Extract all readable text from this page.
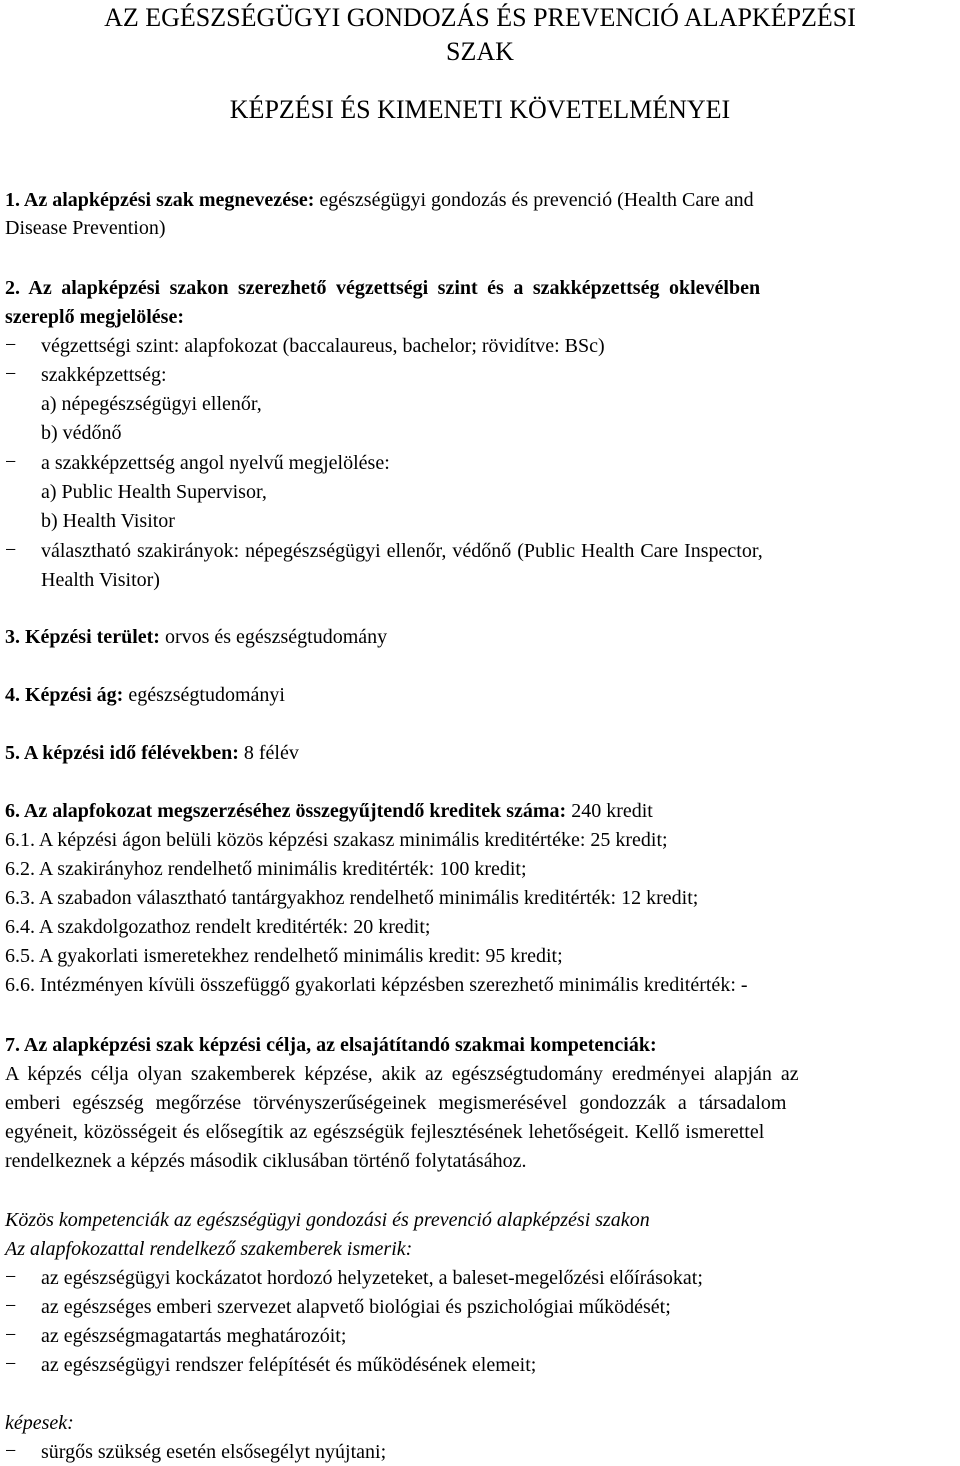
AZ EGÉSZSÉGÜGYI GONDOZÁS ÉS PREVENCIÓ ALAPKÉPZÉSI
SZAK
KÉPZÉSI ÉS KIMENETI KÖVETELMÉNYEI
1. Az alapképzési szak megnevezése: egészségügyi gondozás és prevenció (Health Care and
Disease Prevention)
2. Az alapképzési szakon szerezhető végzettségi szint és a szakképzettség oklevélben
szereplő megjelölése:
− végzettségi szint: alapfokozat (baccalaureus, bachelor; rövidítve: BSc)
− szakképzettség:
a) népegészségügyi ellenőr,
b) védőnő
− a szakképzettség angol nyelvű megjelölése:
a) Public Health Supervisor,
b) Health Visitor
− választható szakirányok: népegészségügyi ellenőr, védőnő (Public Health Care Inspector,
Health Visitor)
3. Képzési terület: orvos és egészségtudomány
4. Képzési ág: egészségtudományi
5. A képzési idő félévekben: 8 félév
6. Az alapfokozat megszerzéséhez összegyűjtendő kreditek száma: 240 kredit
6.1. A képzési ágon belüli közös képzési szakasz minimális kreditértéke: 25 kredit;
6.2. A szakirányhoz rendelhető minimális kreditérték: 100 kredit;
6.3. A szabadon választható tantárgyakhoz rendelhető minimális kreditérték: 12 kredit;
6.4. A szakdolgozathoz rendelt kreditérték: 20 kredit;
6.5. A gyakorlati ismeretekhez rendelhető minimális kredit: 95 kredit;
6.6. Intézményen kívüli összefüggő gyakorlati képzésben szerezhető minimális kreditérték: -
7. Az alapképzési szak képzési célja, az elsajátítandó szakmai kompetenciák:
A képzés célja olyan szakemberek képzése, akik az egészségtudomány eredményei alapján az
emberi egészség megőrzése törvényszerűségeinek megismerésével gondozzák a társadalom
egyéneit, közösségeit és elősegítik az egészségük fejlesztésének lehetőségeit. Kellő ismerettel
rendelkeznek a képzés második ciklusában történő folytatásához.
Közös kompetenciák az egészségügyi gondozási és prevenció alapképzési szakon
Az alapfokozattal rendelkező szakemberek ismerik:
− az egészségügyi kockázatot hordozó helyzeteket, a baleset-megelőzési előírásokat;
− az egészséges emberi szervezet alapvető biológiai és pszichológiai működését;
− az egészségmagatartás meghatározóit;
− az egészségügyi rendszer felépítését és működésének elemeit;
képesek:
− sürgős szükség esetén elsősegélyt nyújtani;
